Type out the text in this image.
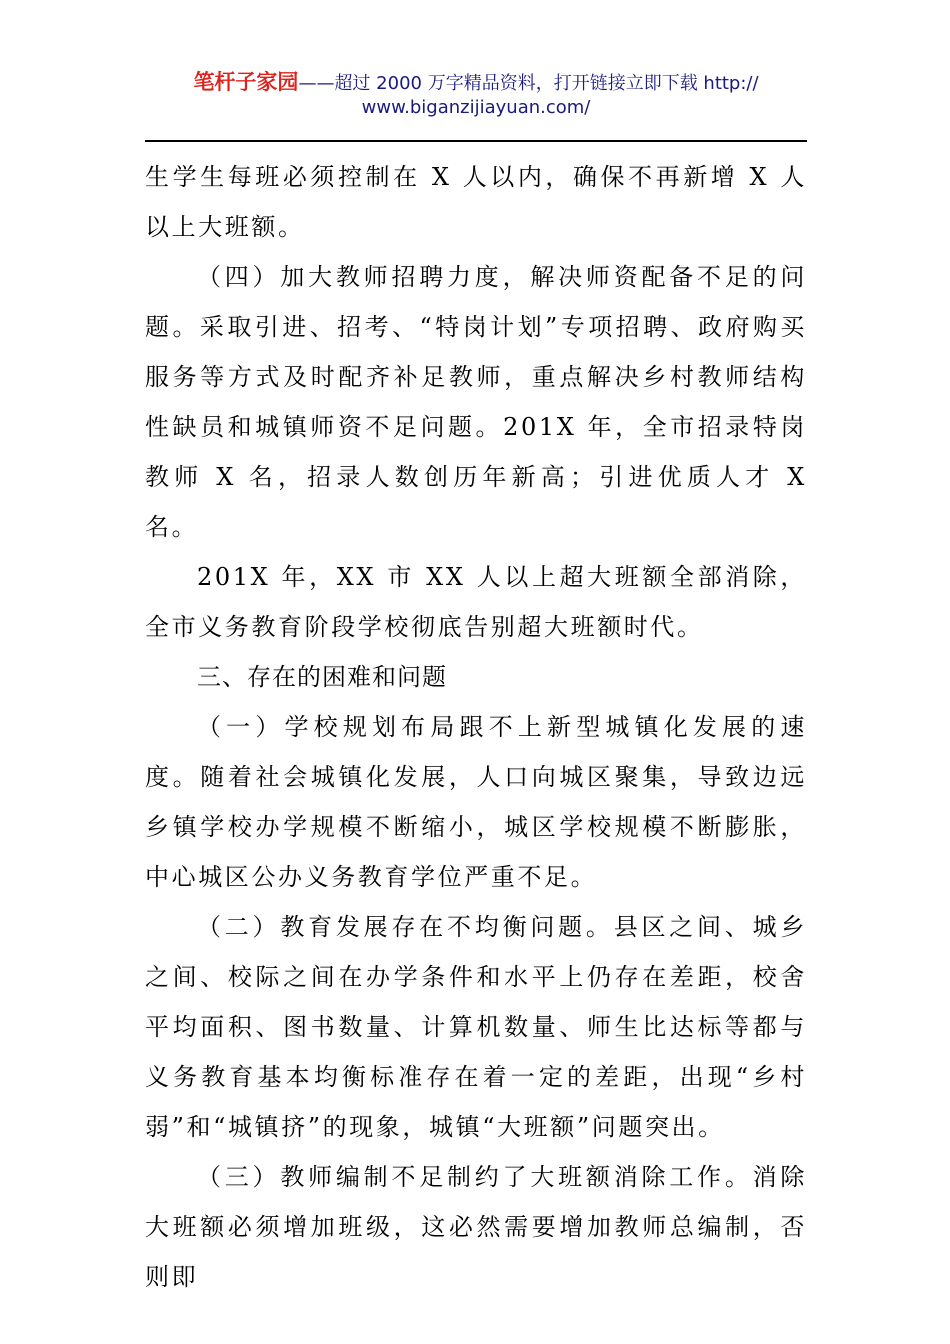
笔杆子家园——超过 2000 万字精品资料，打开链接立即下载 http://
www.biganzijiayuan.com/

生学生每班必须控制在 X 人以内，确保不再新增 X 人以上大班额。

（四）加大教师招聘力度，解决师资配备不足的问题。采取引进、招考、“特岗计划”专项招聘、政府购买服务等方式及时配齐补足教师，重点解决乡村教师结构性缺员和城镇师资不足问题。201X 年，全市招录特岗教师 X 名，招录人数创历年新高；引进优质人才 X 名。

201X 年，XX 市 XX 人以上超大班额全部消除，全市义务教育阶段学校彻底告别超大班额时代。

三、存在的困难和问题

（一）学校规划布局跟不上新型城镇化发展的速度。随着社会城镇化发展，人口向城区聚集，导致边远乡镇学校办学规模不断缩小，城区学校规模不断膨胀，中心城区公办义务教育学位严重不足。

（二）教育发展存在不均衡问题。县区之间、城乡之间、校际之间在办学条件和水平上仍存在差距，校舍平均面积、图书数量、计算机数量、师生比达标等都与义务教育基本均衡标准存在着一定的差距，出现“乡村弱”和“城镇挤”的现象，城镇“大班额”问题突出。

（三）教师编制不足制约了大班额消除工作。消除大班额必须增加班级，这必然需要增加教师总编制，否则即
